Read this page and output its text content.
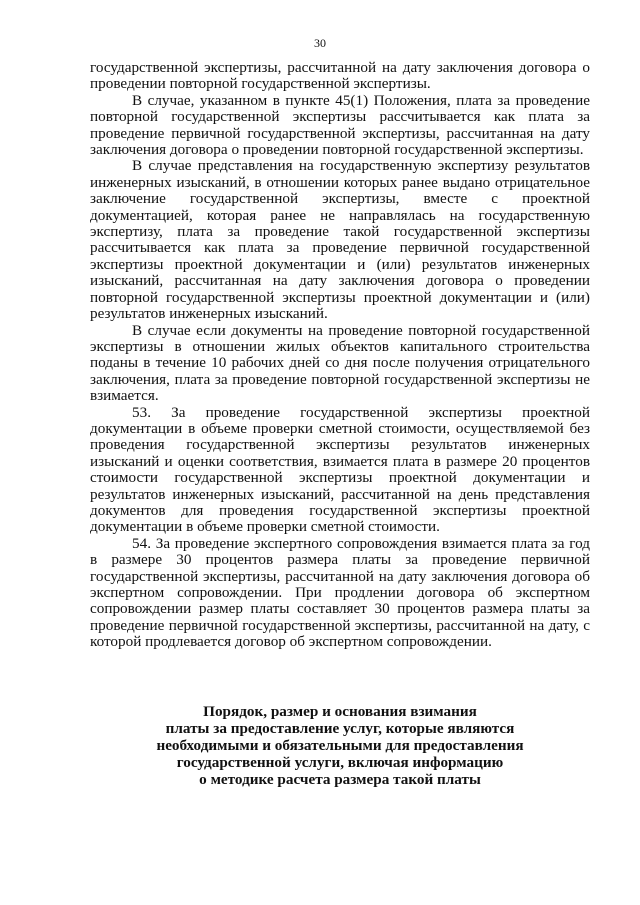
30

государственной экспертизы, рассчитанной на дату заключения договора о проведении повторной государственной экспертизы.

В случае, указанном в пункте 45(1) Положения, плата за проведение повторной государственной экспертизы рассчитывается как плата за проведение первичной государственной экспертизы, рассчитанная на дату заключения договора о проведении повторной государственной экспертизы.

В случае представления на государственную экспертизу результатов инженерных изысканий, в отношении которых ранее выдано отрицательное заключение государственной экспертизы, вместе с проектной документацией, которая ранее не направлялась на государственную экспертизу, плата за проведение такой государственной экспертизы рассчитывается как плата за проведение первичной государственной экспертизы проектной документации и (или) результатов инженерных изысканий, рассчитанная на дату заключения договора о проведении повторной государственной экспертизы проектной документации и (или) результатов инженерных изысканий.

В случае если документы на проведение повторной государственной экспертизы в отношении жилых объектов капитального строительства поданы в течение 10 рабочих дней со дня после получения отрицательного заключения, плата за проведение повторной государственной экспертизы не взимается.

53. За проведение государственной экспертизы проектной документации в объеме проверки сметной стоимости, осуществляемой без проведения государственной экспертизы результатов инженерных изысканий и оценки соответствия, взимается плата в размере 20 процентов стоимости государственной экспертизы проектной документации и результатов инженерных изысканий, рассчитанной на день представления документов для проведения государственной экспертизы проектной документации в объеме проверки сметной стоимости.

54. За проведение экспертного сопровождения взимается плата за год в размере 30 процентов размера платы за проведение первичной государственной экспертизы, рассчитанной на дату заключения договора об экспертном сопровождении. При продлении договора об экспертном сопровождении размер платы составляет 30 процентов размера платы за проведение первичной государственной экспертизы, рассчитанной на дату, с которой продлевается договор об экспертном сопровождении.

Порядок, размер и основания взимания
платы за предоставление услуг, которые являются
необходимыми и обязательными для предоставления
государственной услуги, включая информацию
о методике расчета размера такой платы
